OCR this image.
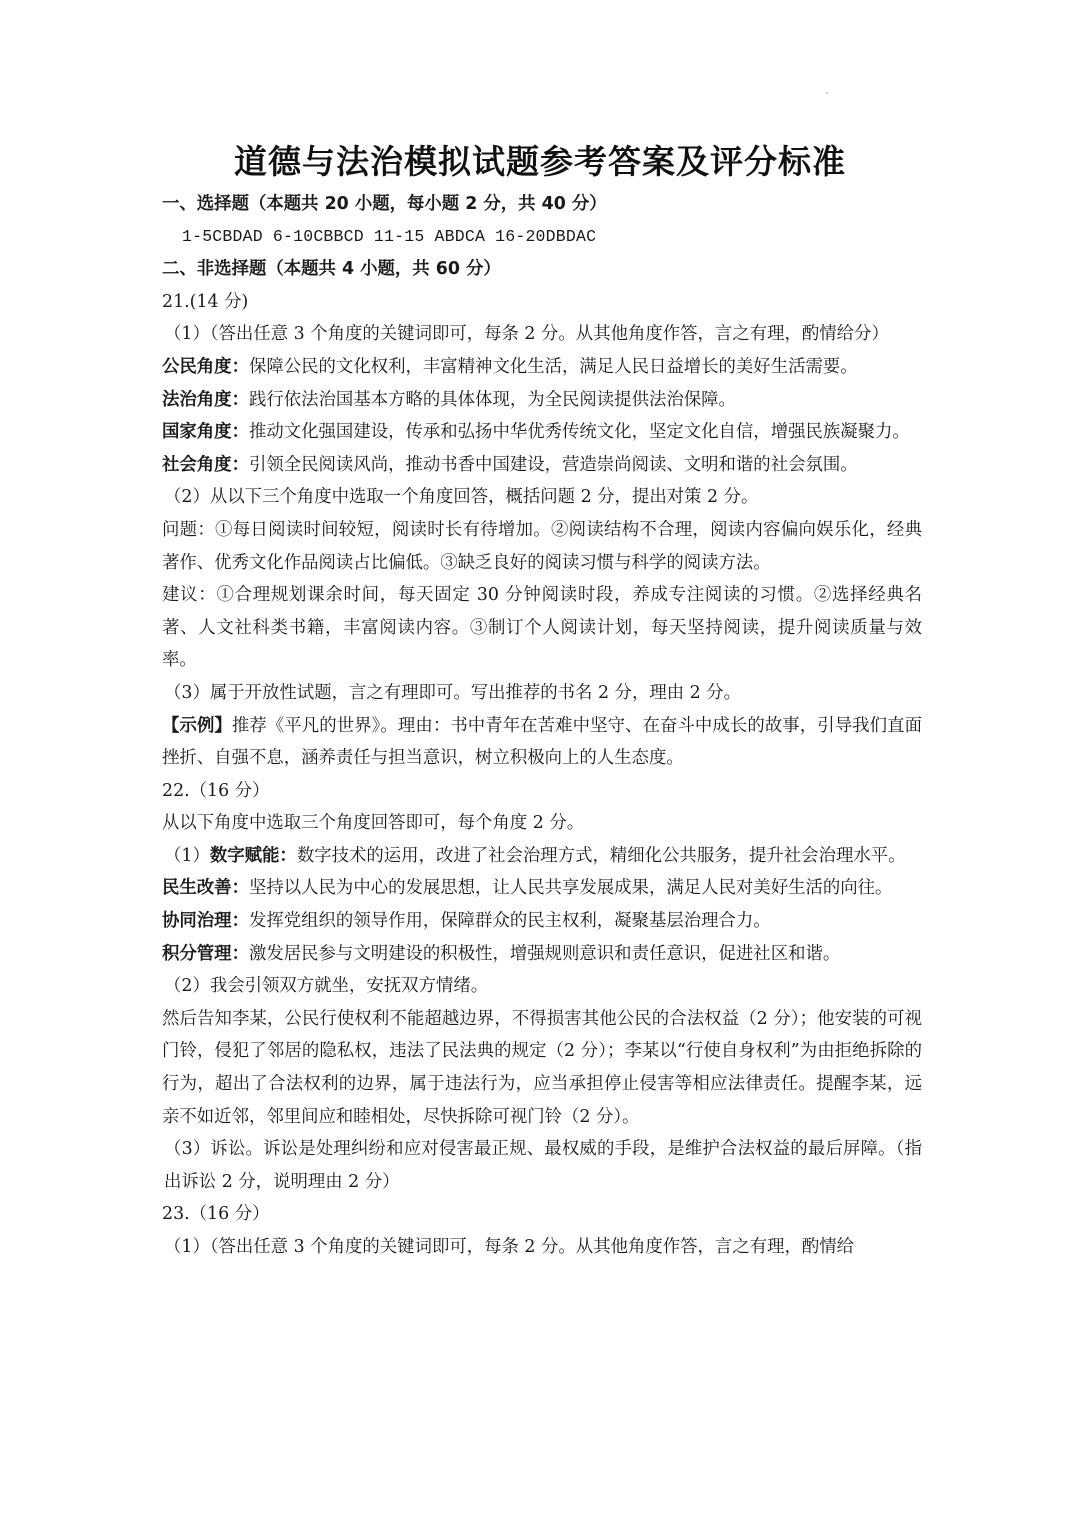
道德与法治模拟试题参考答案及评分标准
一、选择题（本题共 20 小题，每小题 2 分，共 40 分）
1-5CBDAD 6-10CBBCD 11-15 ABDCA 16-20DBDAC
二、非选择题（本题共 4 小题，共 60 分）
21.(14 分)
（1）（答出任意 3 个角度的关键词即可，每条 2 分。从其他角度作答，言之有理，酌情给分）
公民角度：保障公民的文化权利，丰富精神文化生活，满足人民日益增长的美好生活需要。
法治角度：践行依法治国基本方略的具体体现，为全民阅读提供法治保障。
国家角度：推动文化强国建设，传承和弘扬中华优秀传统文化，坚定文化自信，增强民族凝聚力。
社会角度：引领全民阅读风尚，推动书香中国建设，营造崇尚阅读、文明和谐的社会氛围。
（2）从以下三个角度中选取一个角度回答，概括问题 2 分，提出对策 2 分。
问题：①每日阅读时间较短，阅读时长有待增加。②阅读结构不合理，阅读内容偏向娱乐化，经典著作、优秀文化作品阅读占比偏低。③缺乏良好的阅读习惯与科学的阅读方法。
建议：①合理规划课余时间，每天固定 30 分钟阅读时段，养成专注阅读的习惯。②选择经典名著、人文社科类书籍，丰富阅读内容。③制订个人阅读计划，每天坚持阅读，提升阅读质量与效率。
（3）属于开放性试题，言之有理即可。写出推荐的书名 2 分，理由 2 分。
【示例】推荐《平凡的世界》。理由：书中青年在苦难中坚守、在奋斗中成长的故事，引导我们直面挫折、自强不息，涵养责任与担当意识，树立积极向上的人生态度。
22.（16 分）
从以下角度中选取三个角度回答即可，每个角度 2 分。
（1）数字赋能：数字技术的运用，改进了社会治理方式，精细化公共服务，提升社会治理水平。
民生改善：坚持以人民为中心的发展思想，让人民共享发展成果，满足人民对美好生活的向往。
协同治理：发挥党组织的领导作用，保障群众的民主权利，凝聚基层治理合力。
积分管理：激发居民参与文明建设的积极性，增强规则意识和责任意识，促进社区和谐。
（2）我会引领双方就坐，安抚双方情绪。
然后告知李某，公民行使权利不能超越边界，不得损害其他公民的合法权益（2 分）；他安装的可视门铃，侵犯了邻居的隐私权，违法了民法典的规定（2 分）；李某以“行使自身权利”为由拒绝拆除的行为，超出了合法权利的边界，属于违法行为，应当承担停止侵害等相应法律责任。提醒李某，远亲不如近邻，邻里间应和睦相处，尽快拆除可视门铃（2 分）。
（3）诉讼。诉讼是处理纠纷和应对侵害最正规、最权威的手段，是维护合法权益的最后屏障。（指出诉讼 2 分，说明理由 2 分）
23.（16 分）
（1）（答出任意 3 个角度的关键词即可，每条 2 分。从其他角度作答，言之有理，酌情给
